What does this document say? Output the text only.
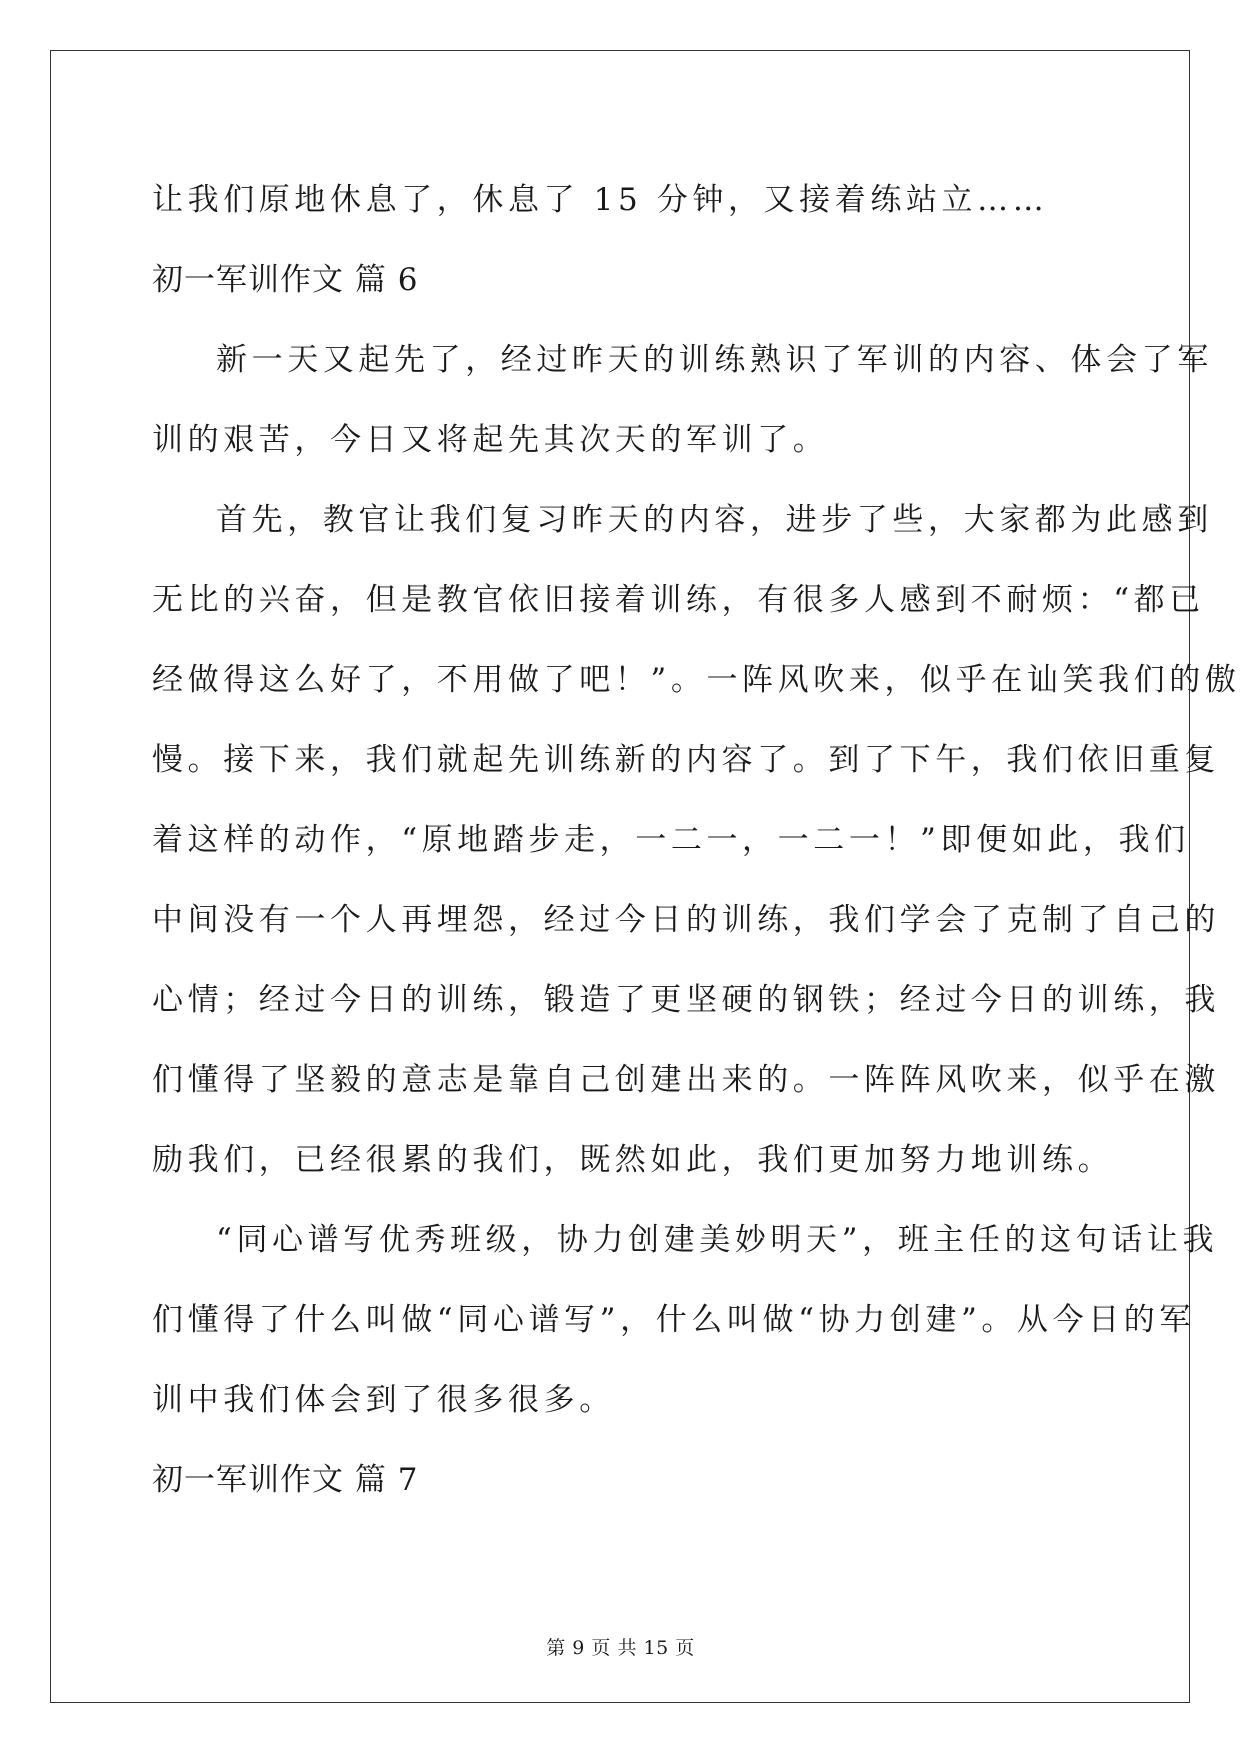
让我们原地休息了，休息了 15 分钟，又接着练站立……
初一军训作文 篇 6
新一天又起先了，经过昨天的训练熟识了军训的内容、体会了军
训的艰苦，今日又将起先其次天的军训了。
首先，教官让我们复习昨天的内容，进步了些，大家都为此感到
无比的兴奋，但是教官依旧接着训练，有很多人感到不耐烦：“都已
经做得这么好了，不用做了吧！”。一阵风吹来，似乎在讪笑我们的傲
慢。接下来，我们就起先训练新的内容了。到了下午，我们依旧重复
着这样的动作，“原地踏步走，一二一，一二一！”即便如此，我们
中间没有一个人再埋怨，经过今日的训练，我们学会了克制了自己的
心情；经过今日的训练，锻造了更坚硬的钢铁；经过今日的训练，我
们懂得了坚毅的意志是靠自己创建出来的。一阵阵风吹来，似乎在激
励我们，已经很累的我们，既然如此，我们更加努力地训练。
“同心谱写优秀班级，协力创建美妙明天”，班主任的这句话让我
们懂得了什么叫做“同心谱写”，什么叫做“协力创建”。从今日的军
训中我们体会到了很多很多。
初一军训作文 篇 7
第 9 页 共 15 页
